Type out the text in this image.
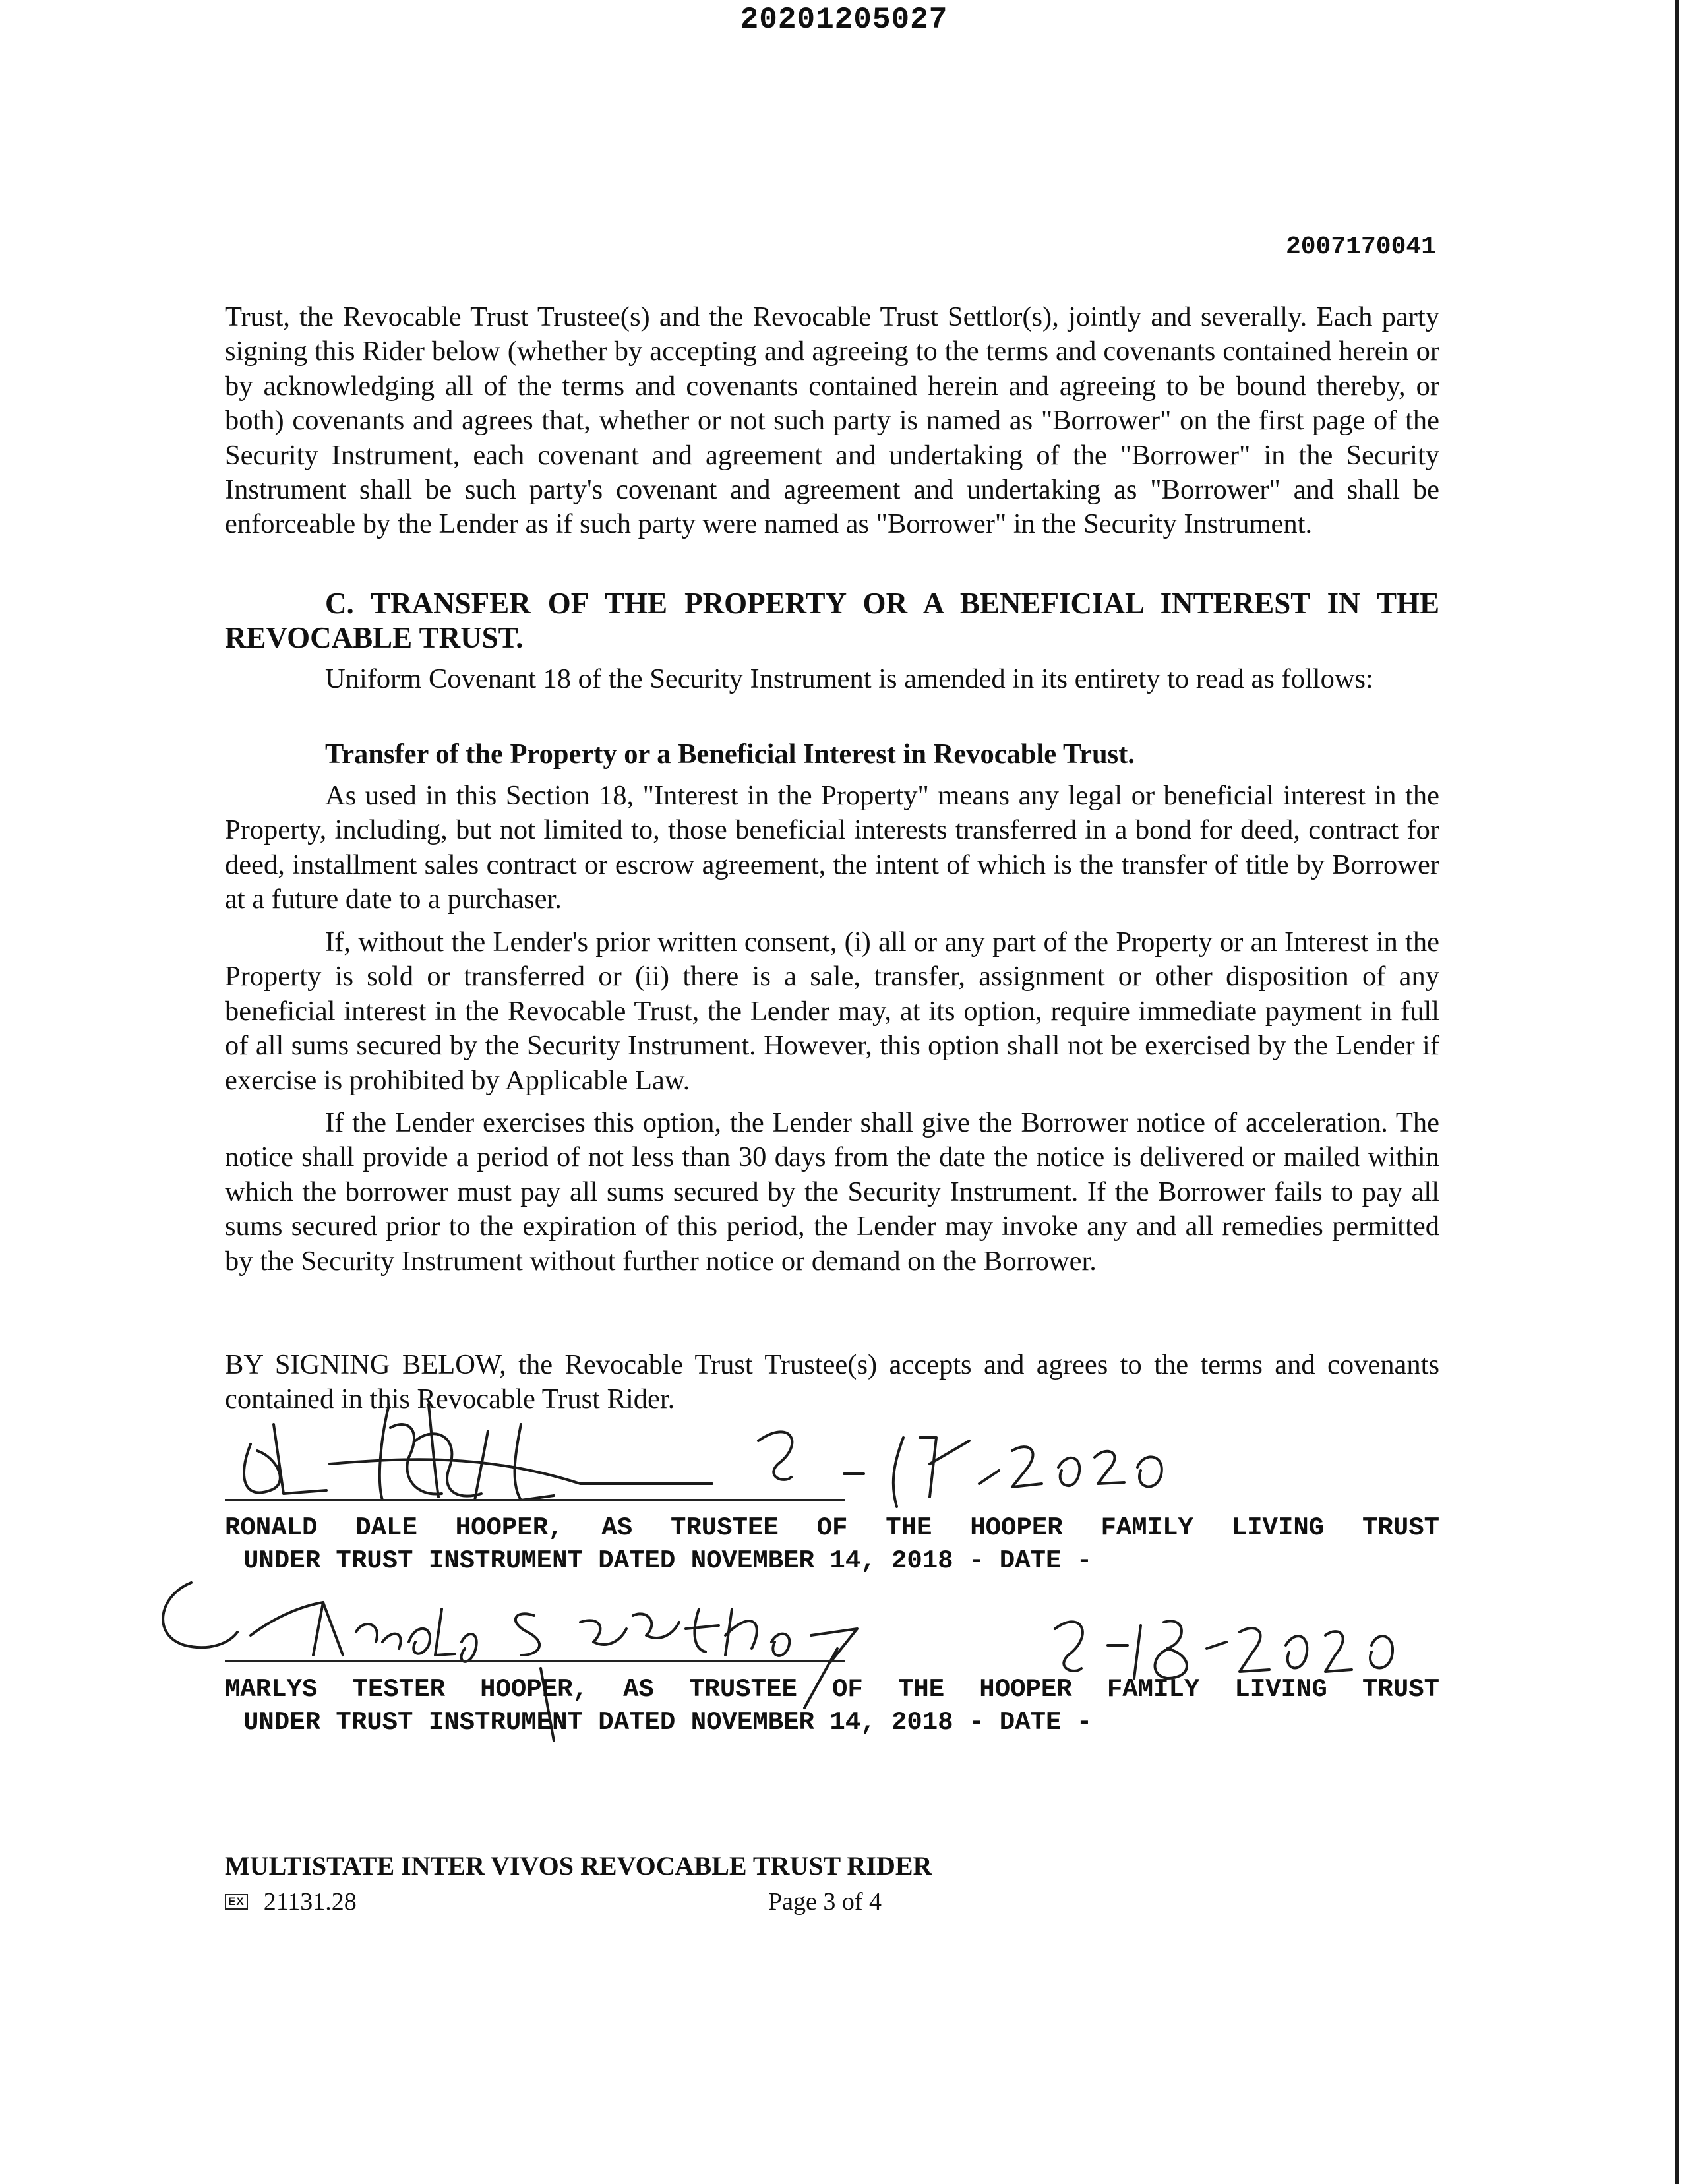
20201205027
2007170041

Trust, the Revocable Trust Trustee(s) and the Revocable Trust Settlor(s), jointly and severally. Each party signing this Rider below (whether by accepting and agreeing to the terms and covenants contained herein or by acknowledging all of the terms and covenants contained herein and agreeing to be bound thereby, or both) covenants and agrees that, whether or not such party is named as "Borrower" on the first page of the Security Instrument, each covenant and agreement and undertaking of the "Borrower" in the Security Instrument shall be such party's covenant and agreement and undertaking as "Borrower" and shall be enforceable by the Lender as if such party were named as "Borrower" in the Security Instrument.

C. TRANSFER OF THE PROPERTY OR A BENEFICIAL INTEREST IN THE REVOCABLE TRUST.

Uniform Covenant 18 of the Security Instrument is amended in its entirety to read as follows:

Transfer of the Property or a Beneficial Interest in Revocable Trust.

As used in this Section 18, "Interest in the Property" means any legal or beneficial interest in the Property, including, but not limited to, those beneficial interests transferred in a bond for deed, contract for deed, installment sales contract or escrow agreement, the intent of which is the transfer of title by Borrower at a future date to a purchaser.

If, without the Lender's prior written consent, (i) all or any part of the Property or an Interest in the Property is sold or transferred or (ii) there is a sale, transfer, assignment or other disposition of any beneficial interest in the Revocable Trust, the Lender may, at its option, require immediate payment in full of all sums secured by the Security Instrument. However, this option shall not be exercised by the Lender if exercise is prohibited by Applicable Law.

If the Lender exercises this option, the Lender shall give the Borrower notice of acceleration. The notice shall provide a period of not less than 30 days from the date the notice is delivered or mailed within which the borrower must pay all sums secured by the Security Instrument. If the Borrower fails to pay all sums secured prior to the expiration of this period, the Lender may invoke any and all remedies permitted by the Security Instrument without further notice or demand on the Borrower.

BY SIGNING BELOW, the Revocable Trust Trustee(s) accepts and agrees to the terms and covenants contained in this Revocable Trust Rider.

RONALD DALE HOOPER, AS TRUSTEE OF THE HOOPER FAMILY LIVING TRUST
UNDER TRUST INSTRUMENT DATED NOVEMBER 14, 2018 - DATE -

MARLYS TESTER HOOPER, AS TRUSTEE OF THE HOOPER FAMILY LIVING TRUST
UNDER TRUST INSTRUMENT DATED NOVEMBER 14, 2018 - DATE -

MULTISTATE INTER VIVOS REVOCABLE TRUST RIDER
EX 21131.28	Page 3 of 4
